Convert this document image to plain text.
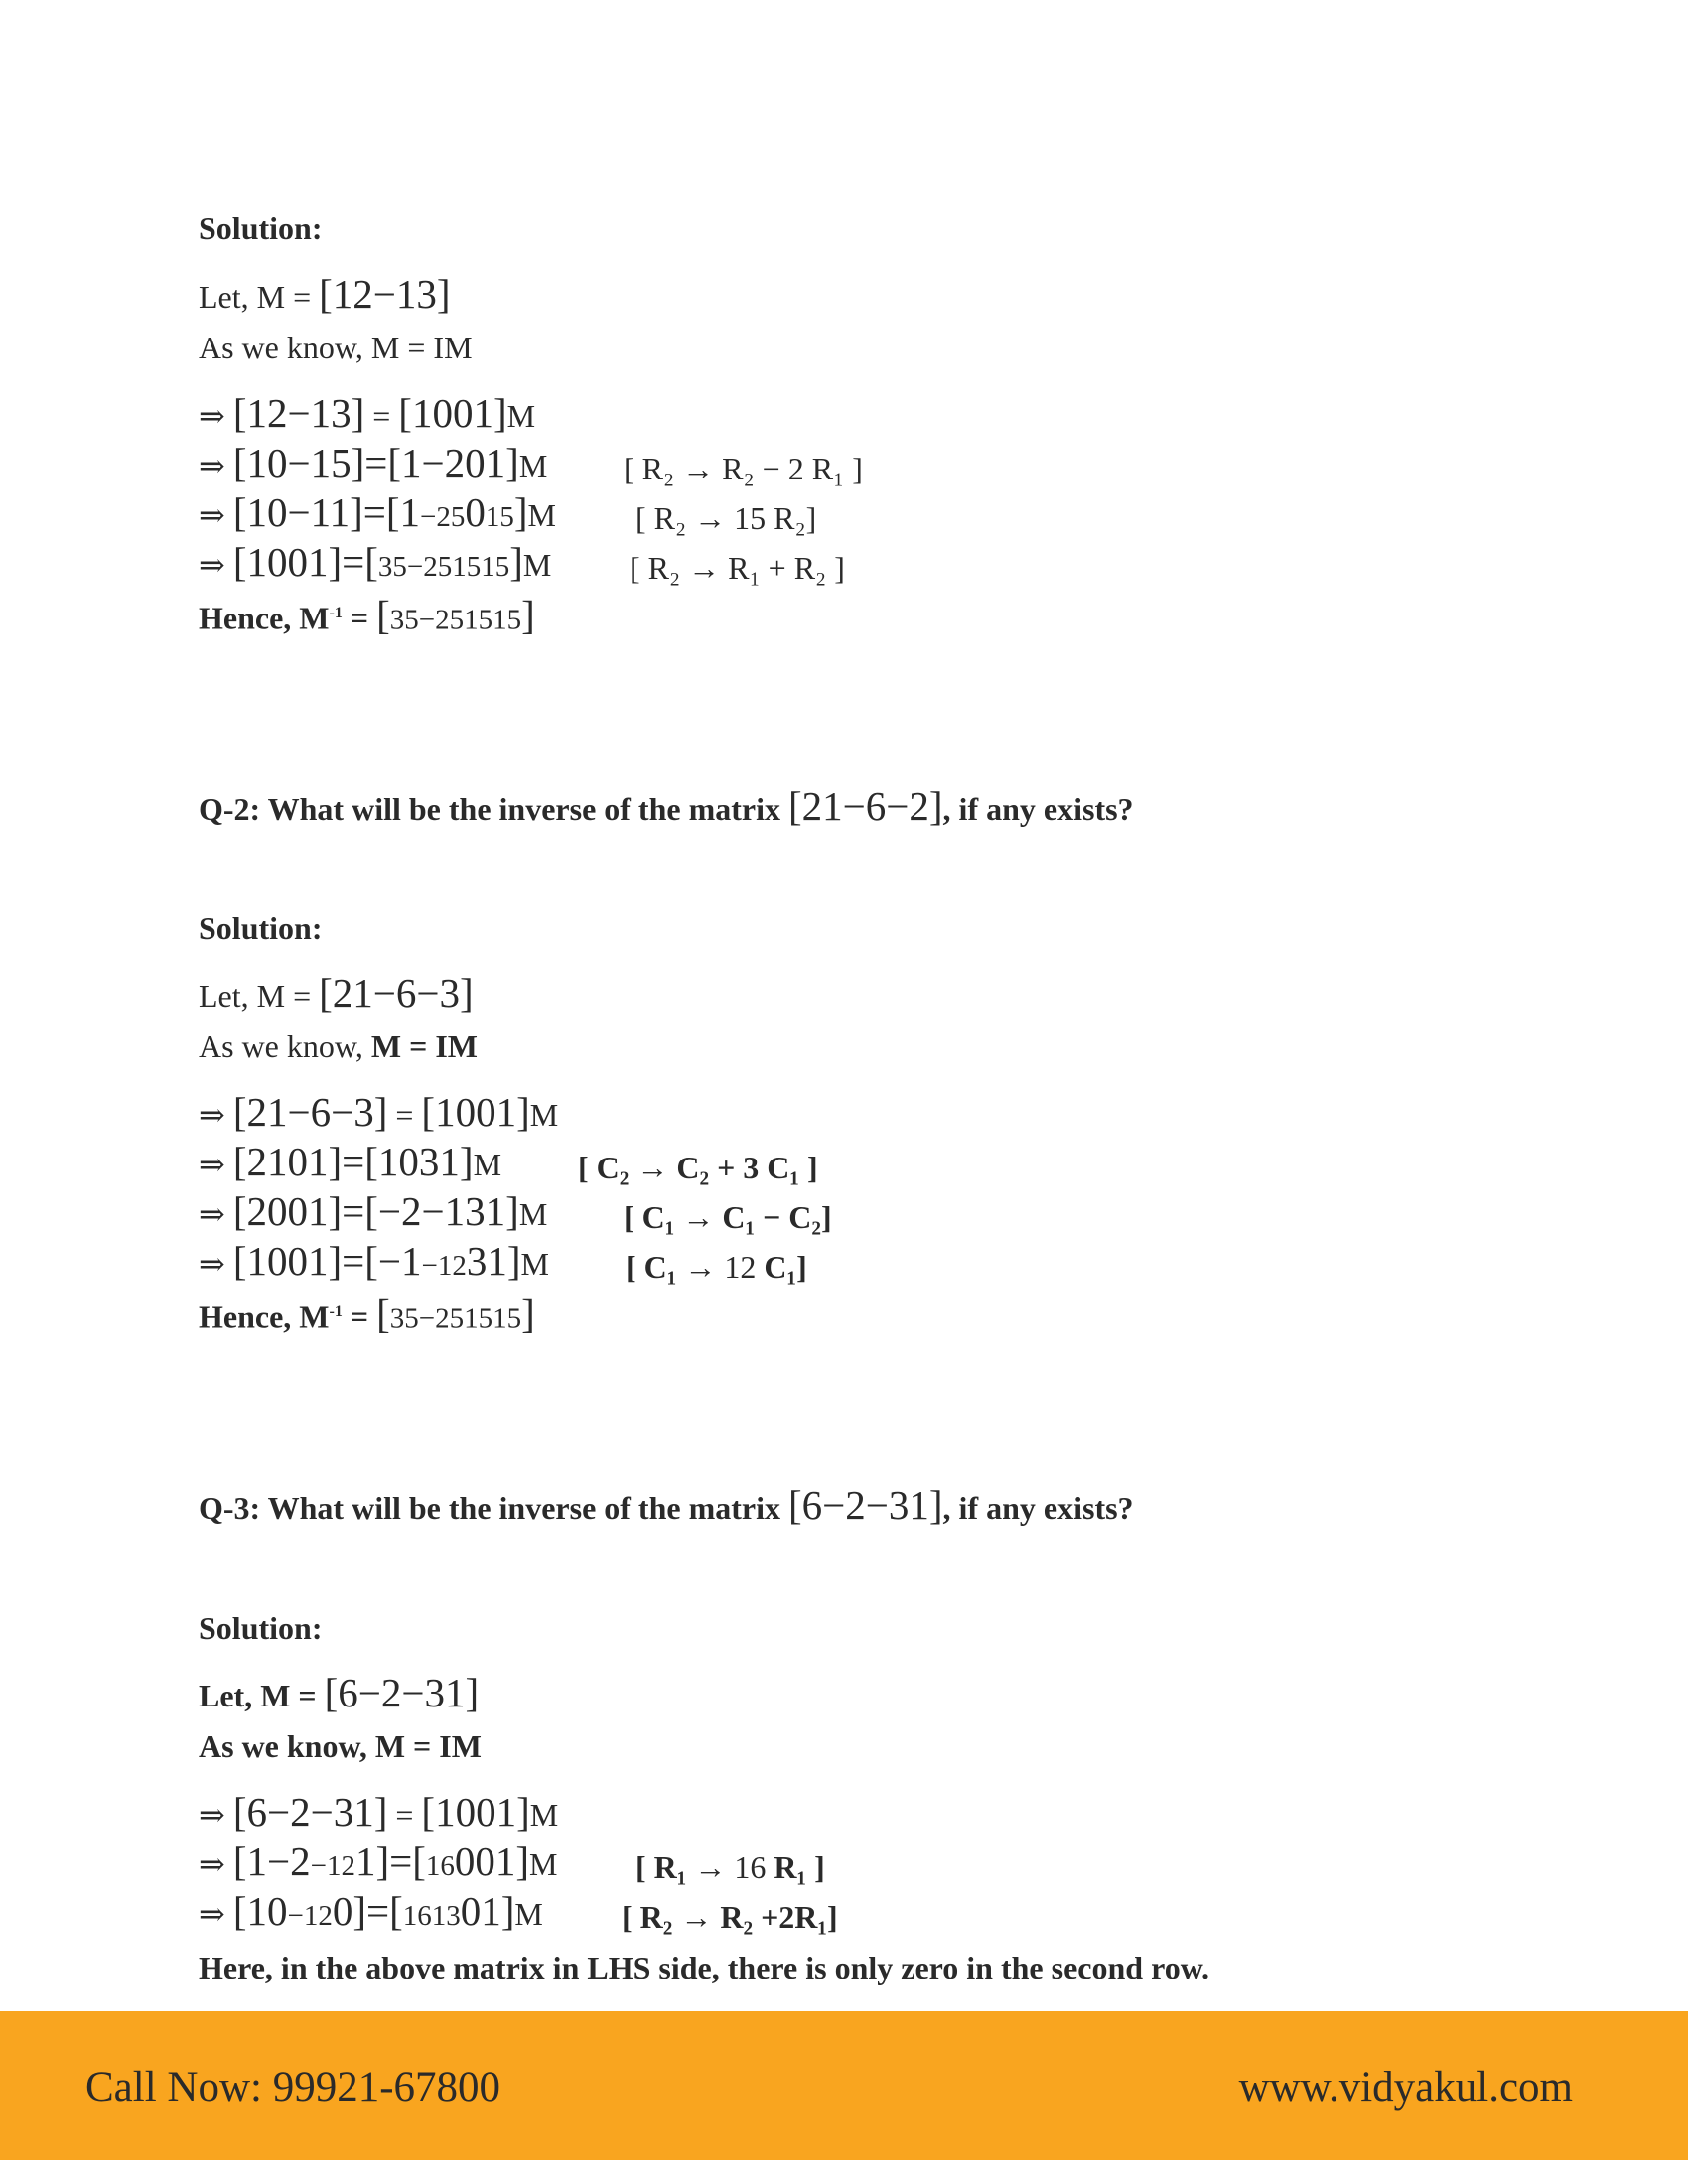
Solution:
Let, M = [12−13]
As we know, M = IM
⇒ [12−13] = [1001]M
⇒ [10−15]=[1−201]M [ R₂ → R₂ − 2 R₁ ]
⇒ [10−11]=[1−25015]M	[ R₂ → 15 R₂]
⇒ [1001]=[35−251515]M [ R₂ → R₁ + R₂ ]
Hence, $M^{-1} = [35-251515]$
Q-2: What will be the inverse of the matrix [21−6−2], if any exists?
Solution:
Let, M = [21−6−3]
As we know, M = IM
⇒ [21−6−3] = [1001]M
⇒ [2101]=[1031]M [ C₂ → C₂ + 3 C₁ ]
⇒ [2001]=[−2−131]M [ C₁ → C₁ − C₂]
⇒ [1001]=[−1−1231]M [ C₁ → 12 C₁]
Hence, $M^{-1} = [35-251515]$
Q-3: What will be the inverse of the matrix [6−2−31], if any exists?
Solution:
Let, M = [6−2−31]
As we know, M = IM
⇒ [6−2−31] = [1001]M
⇒ [1−2−121]=[16001]M [ R₁ → 16 R₁ ]
⇒ [10−120]=[161301]M [ R₂ → R₂ +2R₁]
Here, in the above matrix in LHS side, there is only zero in the second row.
Call Now: 99921-67800	www.vidyakul.com
